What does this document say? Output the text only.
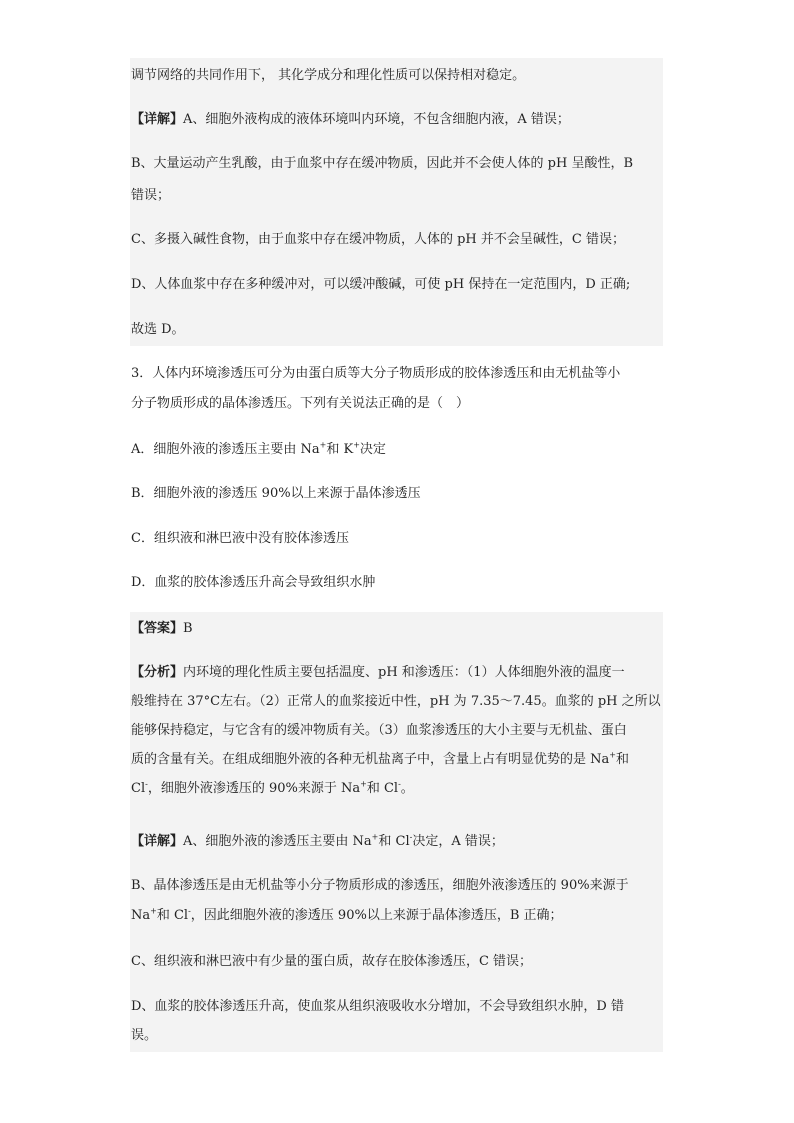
调节网络的共同作用下， 其化学成分和理化性质可以保持相对稳定。
【详解】A、细胞外液构成的液体环境叫内环境，不包含细胞内液，A 错误；
B、大量运动产生乳酸，由于血浆中存在缓冲物质，因此并不会使人体的 pH 呈酸性，B
错误；
C、多摄入碱性食物，由于血浆中存在缓冲物质，人体的 pH 并不会呈碱性，C 错误；
D、人体血浆中存在多种缓冲对，可以缓冲酸碱，可使 pH 保持在一定范围内，D 正确;
故选 D。
3．人体内环境渗透压可分为由蛋白质等大分子物质形成的胶体渗透压和由无机盐等小
分子物质形成的晶体渗透压。下列有关说法正确的是（　）
A．细胞外液的渗透压主要由 Na+和 K+决定
B．细胞外液的渗透压 90%以上来源于晶体渗透压
C．组织液和淋巴液中没有胶体渗透压
D．血浆的胶体渗透压升高会导致组织水肿
【答案】B
【分析】内环境的理化性质主要包括温度、pH 和渗透压：（1）人体细胞外液的温度一
般维持在 37°C左右。（2）正常人的血浆接近中性，pH 为 7.35～7.45。血浆的 pH 之所以
能够保持稳定，与它含有的缓冲物质有关。（3）血浆渗透压的大小主要与无机盐、蛋白
质的含量有关。在组成细胞外液的各种无机盐离子中，含量上占有明显优势的是 Na+和
Cl-，细胞外液渗透压的 90%来源于 Na+和 Cl-。
【详解】A、细胞外液的渗透压主要由 Na+和 Cl-决定，A 错误；
B、晶体渗透压是由无机盐等小分子物质形成的渗透压，细胞外液渗透压的 90%来源于
Na+和 Cl-，因此细胞外液的渗透压 90%以上来源于晶体渗透压，B 正确；
C、组织液和淋巴液中有少量的蛋白质，故存在胶体渗透压，C 错误；
D、血浆的胶体渗透压升高，使血浆从组织液吸收水分增加，不会导致组织水肿，D 错
误。
